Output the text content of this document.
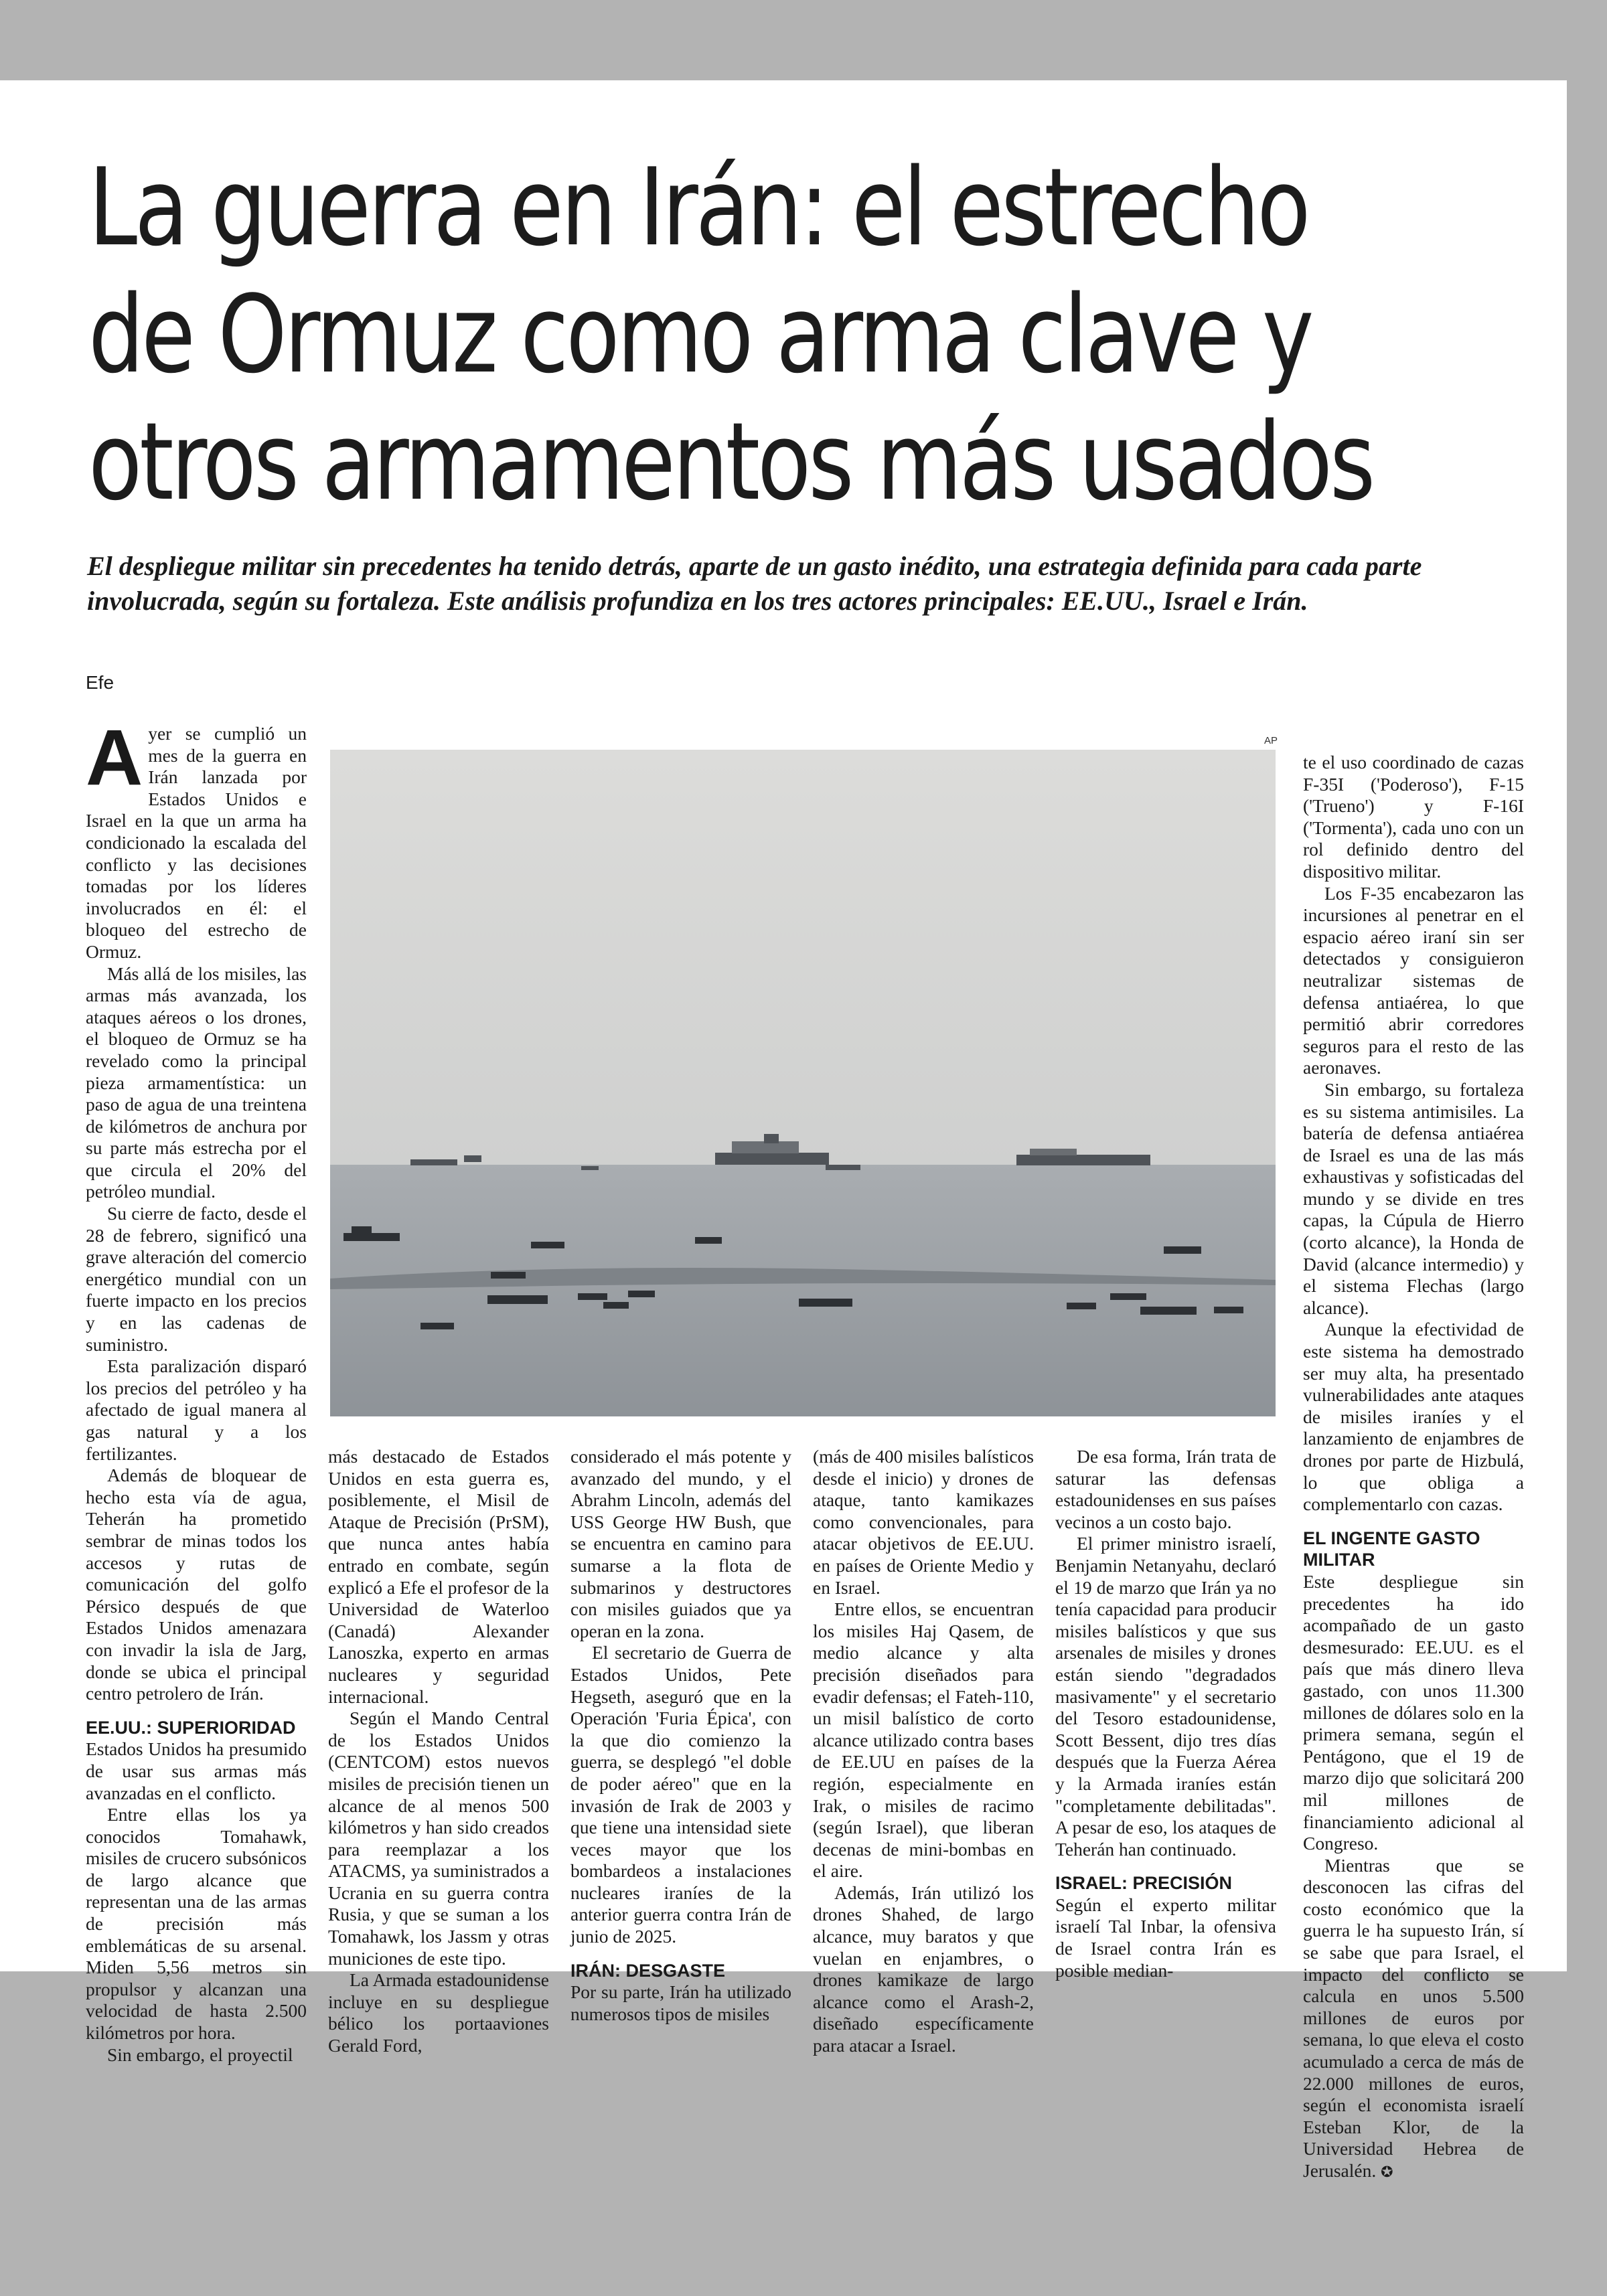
La guerra en Irán: el estrecho
de Ormuz como arma clave y
otros armamentos más usados

El despliegue militar sin precedentes ha tenido detrás, aparte de un gasto inédito, una estrategia definida para cada parte involucrada, según su fortaleza. Este análisis profundiza en los tres actores principales: EE.UU., Israel e Irán.

Efe

Ayer se cumplió un mes de la guerra en Irán lanzada por Estados Unidos e Israel en la que un arma ha condicionado la escalada del conflicto y las decisiones tomadas por los líderes involucrados en él: el bloqueo del estrecho de Ormuz.

Más allá de los misiles, las armas más avanzada, los ataques aéreos o los drones, el bloqueo de Ormuz se ha revelado como la principal pieza armamentística: un paso de agua de una treintena de kilómetros de anchura por su parte más estrecha por el que circula el 20% del petróleo mundial.

Su cierre de facto, desde el 28 de febrero, significó una grave alteración del comercio energético mundial con un fuerte impacto en los precios y en las cadenas de suministro.

Esta paralización disparó los precios del petróleo y ha afectado de igual manera al gas natural y a los fertilizantes.

Además de bloquear de hecho esta vía de agua, Teherán ha prometido sembrar de minas todos los accesos y rutas de comunicación del golfo Pérsico después de que Estados Unidos amenazara con invadir la isla de Jarg, donde se ubica el principal centro petrolero de Irán.

EE.UU.: SUPERIORIDAD

Estados Unidos ha presumido de usar sus armas más avanzadas en el conflicto.

Entre ellas los ya conocidos Tomahawk, misiles de crucero subsónicos de largo alcance que representan una de las armas de precisión más emblemáticas de su arsenal. Miden 5,56 metros sin propulsor y alcanzan una velocidad de hasta 2.500 kilómetros por hora.

Sin embargo, el proyectil

AP

más destacado de Estados Unidos en esta guerra es, posiblemente, el Misil de Ataque de Precisión (PrSM), que nunca antes había entrado en combate, según explicó a Efe el profesor de la Universidad de Waterloo (Canadá) Alexander Lanoszka, experto en armas nucleares y seguridad internacional.

Según el Mando Central de los Estados Unidos (CENTCOM) estos nuevos misiles de precisión tienen un alcance de al menos 500 kilómetros y han sido creados para reemplazar a los ATACMS, ya suministrados a Ucrania en su guerra contra Rusia, y que se suman a los Tomahawk, los Jassm y otras municiones de este tipo.

La Armada estadounidense incluye en su despliegue bélico los portaaviones Gerald Ford,

considerado el más potente y avanzado del mundo, y el Abrahm Lincoln, además del USS George HW Bush, que se encuentra en camino para sumarse a la flota de submarinos y destructores con misiles guiados que ya operan en la zona.

El secretario de Guerra de Estados Unidos, Pete Hegseth, aseguró que en la Operación 'Furia Épica', con la que dio comienzo la guerra, se desplegó "el doble de poder aéreo" que en la invasión de Irak de 2003 y que tiene una intensidad siete veces mayor que los bombardeos a instalaciones nucleares iraníes de la anterior guerra contra Irán de junio de 2025.

IRÁN: DESGASTE

Por su parte, Irán ha utilizado numerosos tipos de misiles

(más de 400 misiles balísticos desde el inicio) y drones de ataque, tanto kamikazes como convencionales, para atacar objetivos de EE.UU. en países de Oriente Medio y en Israel.

Entre ellos, se encuentran los misiles Haj Qasem, de medio alcance y alta precisión diseñados para evadir defensas; el Fateh-110, un misil balístico de corto alcance utilizado contra bases de EE.UU en países de la región, especialmente en Irak, o misiles de racimo (según Israel), que liberan decenas de mini-bombas en el aire.

Además, Irán utilizó los drones Shahed, de largo alcance, muy baratos y que vuelan en enjambres, o drones kamikaze de largo alcance como el Arash-2, diseñado específicamente para atacar a Israel.

De esa forma, Irán trata de saturar las defensas estadounidenses en sus países vecinos a un costo bajo.

El primer ministro israelí, Benjamin Netanyahu, declaró el 19 de marzo que Irán ya no tenía capacidad para producir misiles balísticos y que sus arsenales de misiles y drones están siendo "degradados masivamente" y el secretario del Tesoro estadounidense, Scott Bessent, dijo tres días después que la Fuerza Aérea y la Armada iraníes están "completamente debilitadas". A pesar de eso, los ataques de Teherán han continuado.

ISRAEL: PRECISIÓN

Según el experto militar israelí Tal Inbar, la ofensiva de Israel contra Irán es posible median-

te el uso coordinado de cazas F-35I ('Poderoso'), F-15 ('Trueno') y F-16I ('Tormenta'), cada uno con un rol definido dentro del dispositivo militar.

Los F-35 encabezaron las incursiones al penetrar en el espacio aéreo iraní sin ser detectados y consiguieron neutralizar sistemas de defensa antiaérea, lo que permitió abrir corredores seguros para el resto de las aeronaves.

Sin embargo, su fortaleza es su sistema antimisiles. La batería de defensa antiaérea de Israel es una de las más exhaustivas y sofisticadas del mundo y se divide en tres capas, la Cúpula de Hierro (corto alcance), la Honda de David (alcance intermedio) y el sistema Flechas (largo alcance).

Aunque la efectividad de este sistema ha demostrado ser muy alta, ha presentado vulnerabilidades ante ataques de misiles iraníes y el lanzamiento de enjambres de drones por parte de Hizbulá, lo que obliga a complementarlo con cazas.

EL INGENTE GASTO MILITAR

Este despliegue sin precedentes ha ido acompañado de un gasto desmesurado: EE.UU. es el país que más dinero lleva gastado, con unos 11.300 millones de dólares solo en la primera semana, según el Pentágono, que el 19 de marzo dijo que solicitará 200 mil millones de financiamiento adicional al Congreso.

Mientras que se desconocen las cifras del costo económico que la guerra le ha supuesto Irán, sí se sabe que para Israel, el impacto del conflicto se calcula en unos 5.500 millones de euros por semana, lo que eleva el costo acumulado a cerca de más de 22.000 millones de euros, según el economista israelí Esteban Klor, de la Universidad Hebrea de Jerusalén. ✪
